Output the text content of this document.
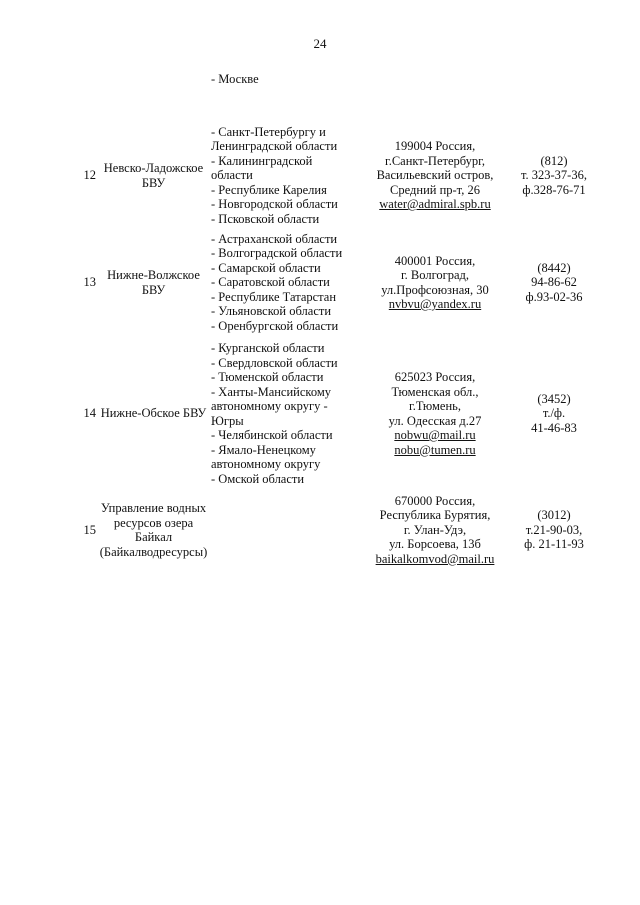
24
- Москве
12
Невско-Ладожское
БВУ
- Санкт-Петербургу и
Ленинградской области
- Калининградской
области
- Республике Карелия
- Новгородской области
- Псковской области
199004 Россия,
г.Санкт-Петербург,
Васильевский остров,
Средний пр-т, 26
water@admiral.spb.ru
(812)
т. 323-37-36,
ф.328-76-71
13
Нижне-Волжское
БВУ
- Астраханской области
- Волгоградской области
- Самарской области
- Саратовской области
- Республике Татарстан
- Ульяновской области
- Оренбургской области
400001 Россия,
г. Волгоград,
ул.Профсоюзная, 30
nvbvu@yandex.ru
(8442)
94-86-62
ф.93-02-36
14 Нижне-Обское БВУ
- Курганской области
- Свердловской области
- Тюменской области
- Ханты-Мансийскому
автономному округу -
Югры
- Челябинской области
- Ямало-Ненецкому
автономному округу
- Омской области
625023 Россия,
Тюменская обл.,
г.Тюмень,
ул. Одесская д.27
nobwu@mail.ru
nobu@tumen.ru
(3452)
т./ф.
41-46-83
15
Управление водных
ресурсов озера
Байкал
(Байкалводресурсы)
670000 Россия,
Республика Бурятия,
г. Улан-Удэ,
ул. Борсоева, 13б
baikalkomvod@mail.ru
(3012)
т.21-90-03,
ф. 21-11-93
